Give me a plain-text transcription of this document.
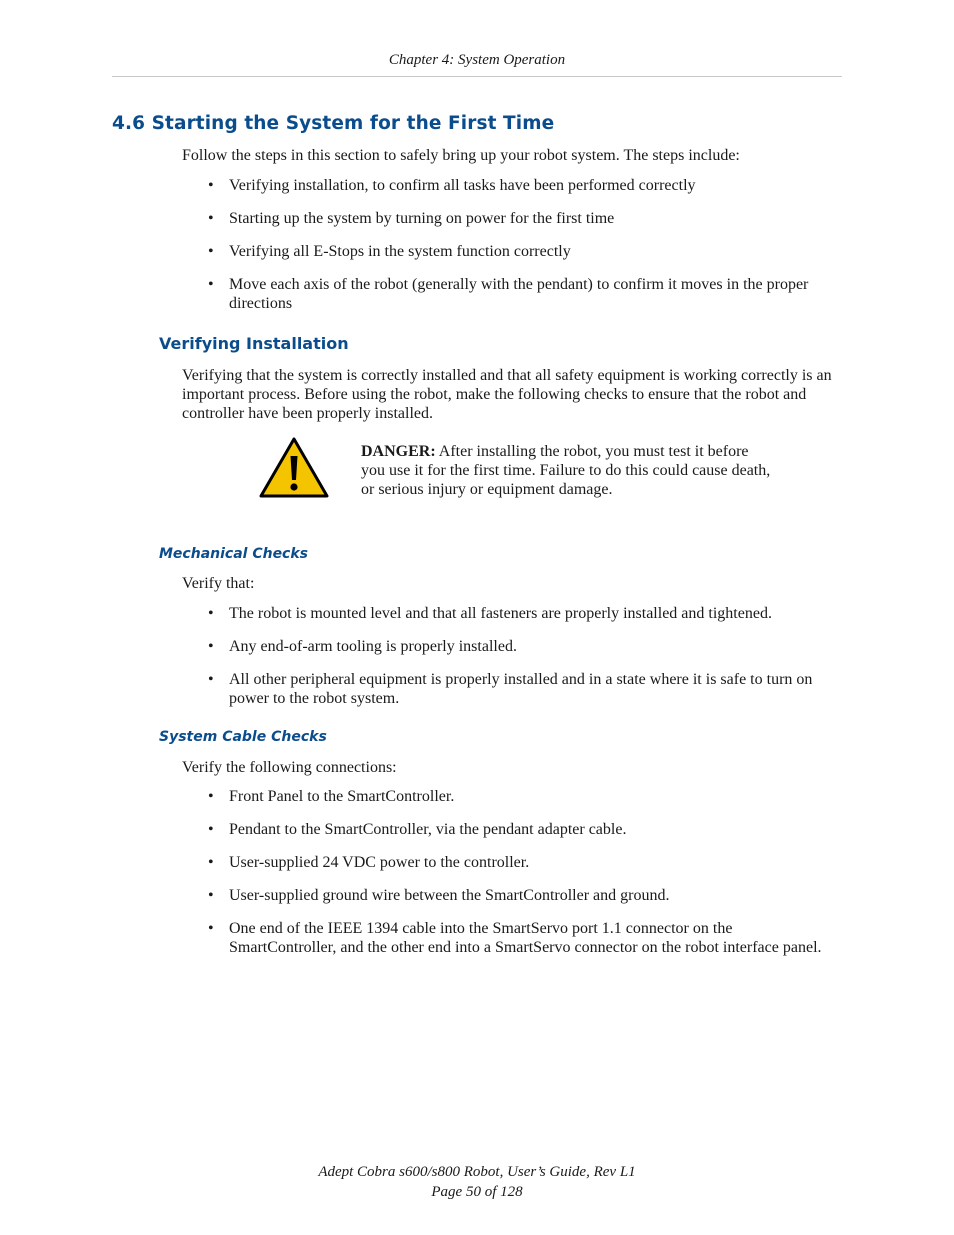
Chapter 4: System Operation
4.6 Starting the System for the First Time

Follow the steps in this section to safely bring up your robot system. The steps include:

• Verifying installation, to confirm all tasks have been performed correctly
• Starting up the system by turning on power for the first time
• Verifying all E-Stops in the system function correctly
• Move each axis of the robot (generally with the pendant) to confirm it moves in the proper directions
Verifying Installation

Verifying that the system is correctly installed and that all safety equipment is working correctly is an important process. Before using the robot, make the following checks to ensure that the robot and controller have been properly installed.

DANGER: After installing the robot, you must test it before you use it for the first time. Failure to do this could cause death, or serious injury or equipment damage.
Mechanical Checks

Verify that:

• The robot is mounted level and that all fasteners are properly installed and tightened.
• Any end-of-arm tooling is properly installed.
• All other peripheral equipment is properly installed and in a state where it is safe to turn on power to the robot system.
System Cable Checks

Verify the following connections:

• Front Panel to the SmartController.
• Pendant to the SmartController, via the pendant adapter cable.
• User-supplied 24 VDC power to the controller.
• User-supplied ground wire between the SmartController and ground.
• One end of the IEEE 1394 cable into the SmartServo port 1.1 connector on the SmartController, and the other end into a SmartServo connector on the robot interface panel.
Adept Cobra s600/s800 Robot, User’s Guide, Rev L1
Page 50 of 128
